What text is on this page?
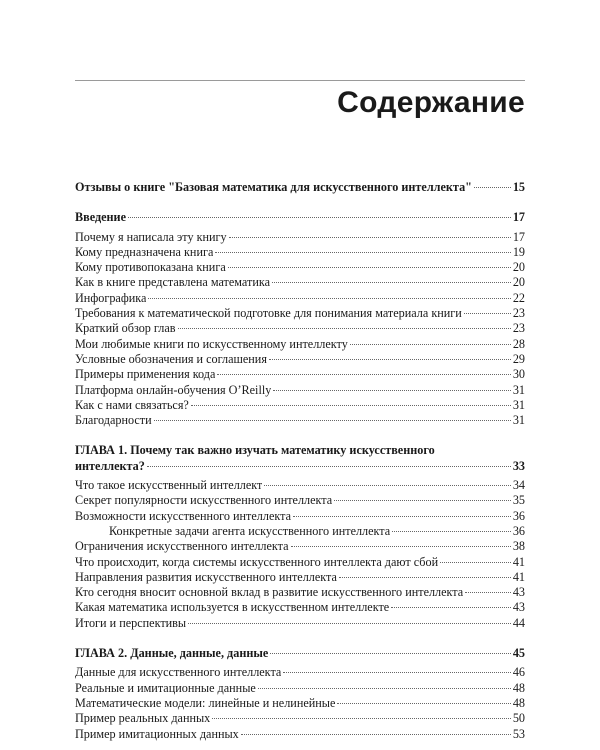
Содержание
Отзывы о книге "Базовая математика для искусственного интеллекта"	15
Введение	17
Почему я написала эту книгу	17
Кому предназначена книга	19
Кому противопоказана книга	20
Как в книге представлена математика	20
Инфографика	22
Требования к математической подготовке для понимания материала книги	23
Краткий обзор глав	23
Мои любимые книги по искусственному интеллекту	28
Условные обозначения и соглашения	29
Примеры применения кода	30
Платформа онлайн-обучения O’Reilly	31
Как с нами связаться?	31
Благодарности	31
ГЛАВА 1. Почему так важно изучать математику искусственного
интеллекта?	33
Что такое искусственный интеллект	34
Секрет популярности искусственного интеллекта	35
Возможности искусственного интеллекта	36
Конкретные задачи агента искусственного интеллекта	36
Ограничения искусственного интеллекта	38
Что происходит, когда системы искусственного интеллекта дают сбой	41
Направления развития искусственного интеллекта	41
Кто сегодня вносит основной вклад в развитие искусственного интеллекта	43
Какая математика используется в искусственном интеллекте	43
Итоги и перспективы	44
ГЛАВА 2. Данные, данные, данные	45
Данные для искусственного интеллекта	46
Реальные и имитационные данные	48
Математические модели: линейные и нелинейные	48
Пример реальных данных	50
Пример имитационных данных	53
